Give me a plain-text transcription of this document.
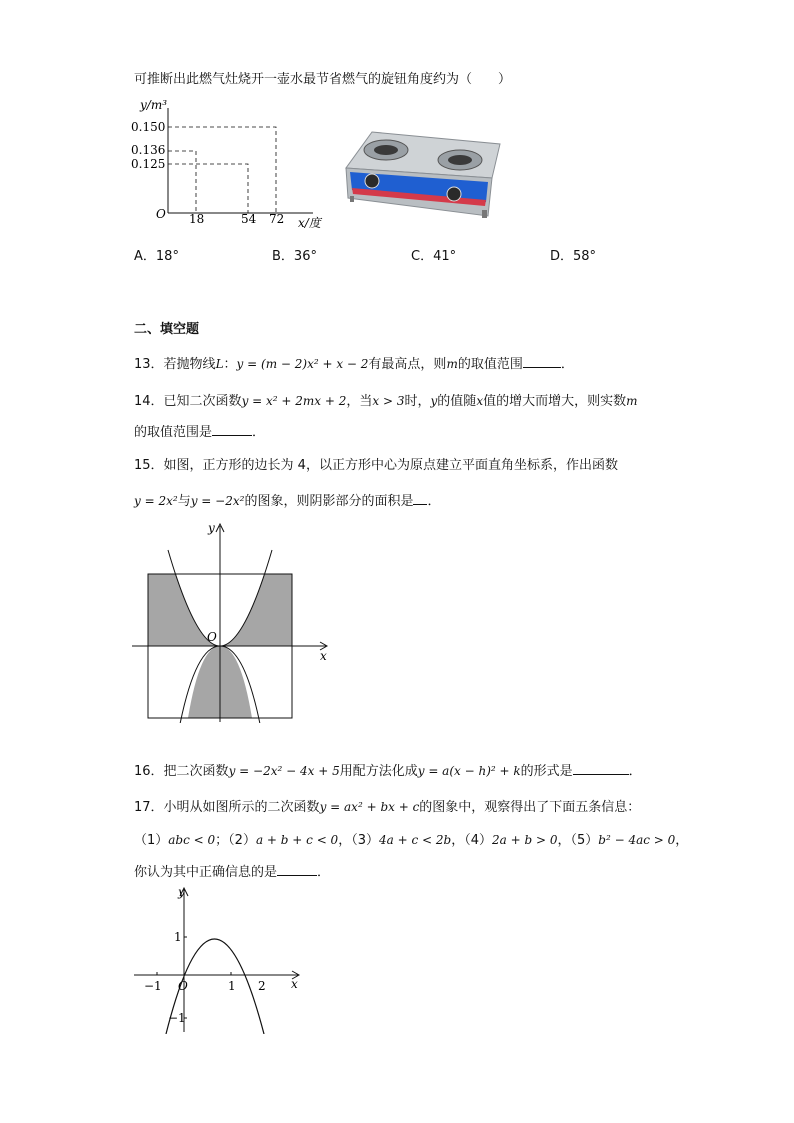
可推断出此燃气灶烧开一壶水最节省燃气的旋钮角度约为（　　）
y/m³
0.150
0.136
0.125
O 18	54 72 x/度
A．18°	B．36°	C．41°	D．58°
二、填空题
13．若抛物线L：y = (m − 2)x² + x − 2有最高点，则m的取值范围	．
14．已知二次函数y = x² + 2mx + 2，当x > 3时，y的值随x值的增大而增大，则实数m
的取值范围是	．
15．如图，正方形的边长为 4，以正方形中心为原点建立平面直角坐标系，作出函数
y = 2x²与y = −2x²的图象，则阴影部分的面积是 ．
y
x
O
16．把二次函数y = −2x² − 4x + 5用配方法化成y = a(x − h)² + k的形式是	．
17．小明从如图所示的二次函数y = ax² + bx + c的图象中，观察得出了下面五条信息：
（1）abc < 0；（2）a + b + c < 0，（3）4a + c < 2b，（4）2a + b > 0，（5）b² − 4ac > 0，
你认为其中正确信息的是	．
y
x
O
−1	1 2
1
−1
